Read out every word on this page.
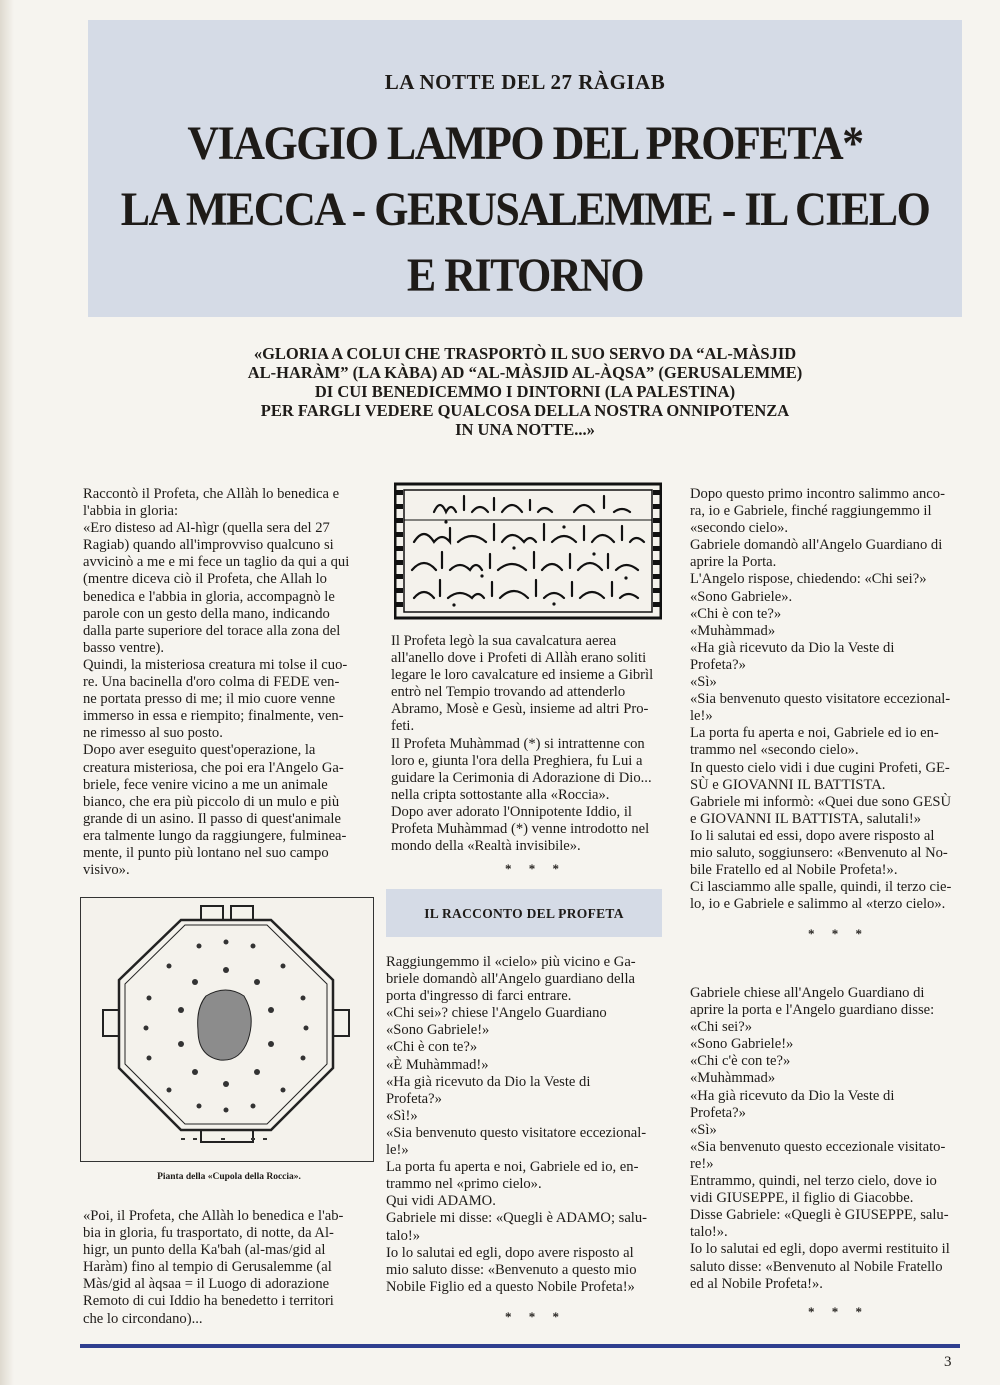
LA NOTTE DEL 27 RÀGIAB
VIAGGIO LAMPO DEL PROFETA*
LA MECCA - GERUSALEMME - IL CIELO
E RITORNO
«GLORIA A COLUI CHE TRASPORTÒ IL SUO SERVO DA “AL-MÀSJID
AL-HARÀM” (LA KÀBA) AD “AL-MÀSJID AL-ÀQSA” (GERUSALEMME)
DI CUI BENEDICEMMO I DINTORNI (LA PALESTINA)
PER FARGLI VEDERE QUALCOSA DELLA NOSTRA ONNIPOTENZA
IN UNA NOTTE...»
Raccontò il Profeta, che Allàh lo benedica e
l'abbia in gloria:
«Ero disteso ad Al-hìgr (quella sera del 27
Ragiab) quando all'improvviso qualcuno si
avvicinò a me e mi fece un taglio da qui a qui
(mentre diceva ciò il Profeta, che Allah lo
benedica e l'abbia in gloria, accompagnò le
parole con un gesto della mano, indicando
dalla parte superiore del torace alla zona del
basso ventre).
Quindi, la misteriosa creatura mi tolse il cuo-
re. Una bacinella d'oro colma di FEDE ven-
ne portata presso di me; il mio cuore venne
immerso in essa e riempito; finalmente, ven-
ne rimesso al suo posto.
Dopo aver eseguito quest'operazione, la
creatura misteriosa, che poi era l'Angelo Ga-
briele, fece venire vicino a me un animale
bianco, che era più piccolo di un mulo e più
grande di un asino. Il passo di quest'animale
era talmente lungo da raggiungere, fulminea-
mente, il punto più lontano nel suo campo
visivo».
Il Profeta legò la sua cavalcatura aerea
all'anello dove i Profeti di Allàh erano soliti
legare le loro cavalcature ed insieme a Gibrìl
entrò nel Tempio trovando ad attenderlo
Abramo, Mosè e Gesù, insieme ad altri Pro-
feti.
Il Profeta Muhàmmad (*) si intrattenne con
loro e, giunta l'ora della Preghiera, fu Lui a
guidare la Cerimonia di Adorazione di Dio...
nella cripta sottostante alla «Roccia».
Dopo aver adorato l'Onnipotente Iddio, il
Profeta Muhàmmad (*) venne introdotto nel
mondo della «Realtà invisibile».
* * *
Dopo questo primo incontro salimmo anco-
ra, io e Gabriele, finché raggiungemmo il
«secondo cielo».
Gabriele domandò all'Angelo Guardiano di
aprire la Porta.
L'Angelo rispose, chiedendo: «Chi sei?»
«Sono Gabriele».
«Chi è con te?»
«Muhàmmad»
«Ha già ricevuto da Dio la Veste di
Profeta?»
«Sì»
«Sia benvenuto questo visitatore eccezional-
le!»
La porta fu aperta e noi, Gabriele ed io en-
trammo nel «secondo cielo».
In questo cielo vidi i due cugini Profeti, GE-
SÙ e GIOVANNI IL BATTISTA.
Gabriele mi informò: «Quei due sono GESÙ
e GIOVANNI IL BATTISTA, salutali!»
Io li salutai ed essi, dopo avere risposto al
mio saluto, soggiunsero: «Benvenuto al No-
bile Fratello ed al Nobile Profeta!».
Ci lasciammo alle spalle, quindi, il terzo cie-
lo, io e Gabriele e salimmo al «terzo cielo».
* * *
IL RACCONTO DEL PROFETA
Raggiungemmo il «cielo» più vicino e Ga-
briele domandò all'Angelo guardiano della
porta d'ingresso di farci entrare.
«Chi sei»? chiese l'Angelo Guardiano
«Sono Gabriele!»
«Chi è con te?»
«È Muhàmmad!»
«Ha già ricevuto da Dio la Veste di
Profeta?»
«Sì!»
«Sia benvenuto questo visitatore eccezional-
le!»
La porta fu aperta e noi, Gabriele ed io, en-
trammo nel «primo cielo».
Qui vidi ADAMO.
Gabriele mi disse: «Quegli è ADAMO; salu-
talo!»
Io lo salutai ed egli, dopo avere risposto al
mio saluto disse: «Benvenuto a questo mio
Nobile Figlio ed a questo Nobile Profeta!»
* * *
Pianta della «Cupola della Roccia».
«Poi, il Profeta, che Allàh lo benedica e l'ab-
bia in gloria, fu trasportato, di notte, da Al-
higr, un punto della Ka'bah (al-mas/gid al
Haràm) fino al tempio di Gerusalemme (al
Màs/gid al àqsaa = il Luogo di adorazione
Remoto di cui Iddio ha benedetto i territori
che lo circondano)...
Gabriele chiese all'Angelo Guardiano di
aprire la porta e l'Angelo guardiano disse:
«Chi sei?»
«Sono Gabriele!»
«Chi c'è con te?»
«Muhàmmad»
«Ha già ricevuto da Dio la Veste di
Profeta?»
«Sì»
«Sia benvenuto questo eccezionale visitato-
re!»
Entrammo, quindi, nel terzo cielo, dove io
vidi GIUSEPPE, il figlio di Giacobbe.
Disse Gabriele: «Quegli è GIUSEPPE, salu-
talo!».
Io lo salutai ed egli, dopo avermi restituito il
saluto disse: «Benvenuto al Nobile Fratello
ed al Nobile Profeta!».
* * *
3
